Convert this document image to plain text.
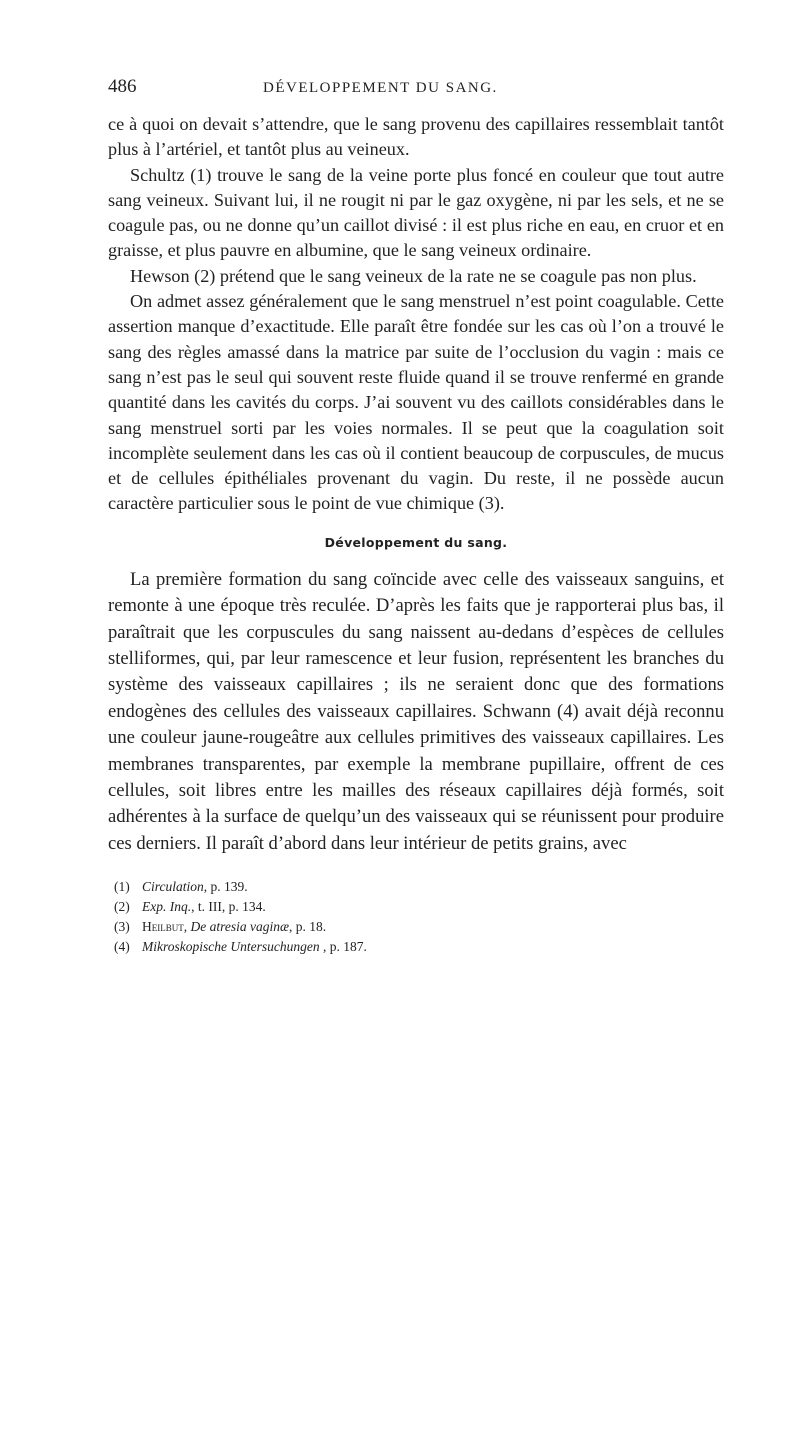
486	DÉVELOPPEMENT DU SANG.

ce à quoi on devait s’attendre, que le sang provenu des capillaires ressemblait tantôt plus à l’artériel, et tantôt plus au veineux.

Schultz (1) trouve le sang de la veine porte plus foncé en couleur que tout autre sang veineux. Suivant lui, il ne rougit ni par le gaz oxygène, ni par les sels, et ne se coagule pas, ou ne donne qu’un caillot divisé : il est plus riche en eau, en cruor et en graisse, et plus pauvre en albumine, que le sang veineux ordinaire.

Hewson (2) prétend que le sang veineux de la rate ne se coagule pas non plus.

On admet assez généralement que le sang menstruel n’est point coagulable. Cette assertion manque d’exactitude. Elle paraît être fondée sur les cas où l’on a trouvé le sang des règles amassé dans la matrice par suite de l’occlusion du vagin : mais ce sang n’est pas le seul qui souvent reste fluide quand il se trouve renfermé en grande quantité dans les cavités du corps. J’ai souvent vu des caillots considérables dans le sang menstruel sorti par les voies normales. Il se peut que la coagulation soit incomplète seulement dans les cas où il contient beaucoup de corpuscules, de mucus et de cellules épithéliales provenant du vagin. Du reste, il ne possède aucun caractère particulier sous le point de vue chimique (3).

Développement du sang.

La première formation du sang coïncide avec celle des vaisseaux sanguins, et remonte à une époque très reculée. D’après les faits que je rapporterai plus bas, il paraîtrait que les corpuscules du sang naissent au-dedans d’espèces de cellules stelliformes, qui, par leur ramescence et leur fusion, représentent les branches du système des vaisseaux capillaires ; ils ne seraient donc que des formations endogènes des cellules des vaisseaux capillaires. Schwann (4) avait déjà reconnu une couleur jaune-rougeâtre aux cellules primitives des vaisseaux capillaires. Les membranes transparentes, par exemple la membrane pupillaire, offrent de ces cellules, soit libres entre les mailles des réseaux capillaires déjà formés, soit adhérentes à la surface de quelqu’un des vaisseaux qui se réunissent pour produire ces derniers. Il paraît d’abord dans leur intérieur de petits grains, avec

(1) Circulation, p. 139.
(2) Exp. Inq., t. III, p. 134.
(3) Heilbut, De atresia vaginæ, p. 18.
(4) Mikroskopische Untersuchungen , p. 187.
